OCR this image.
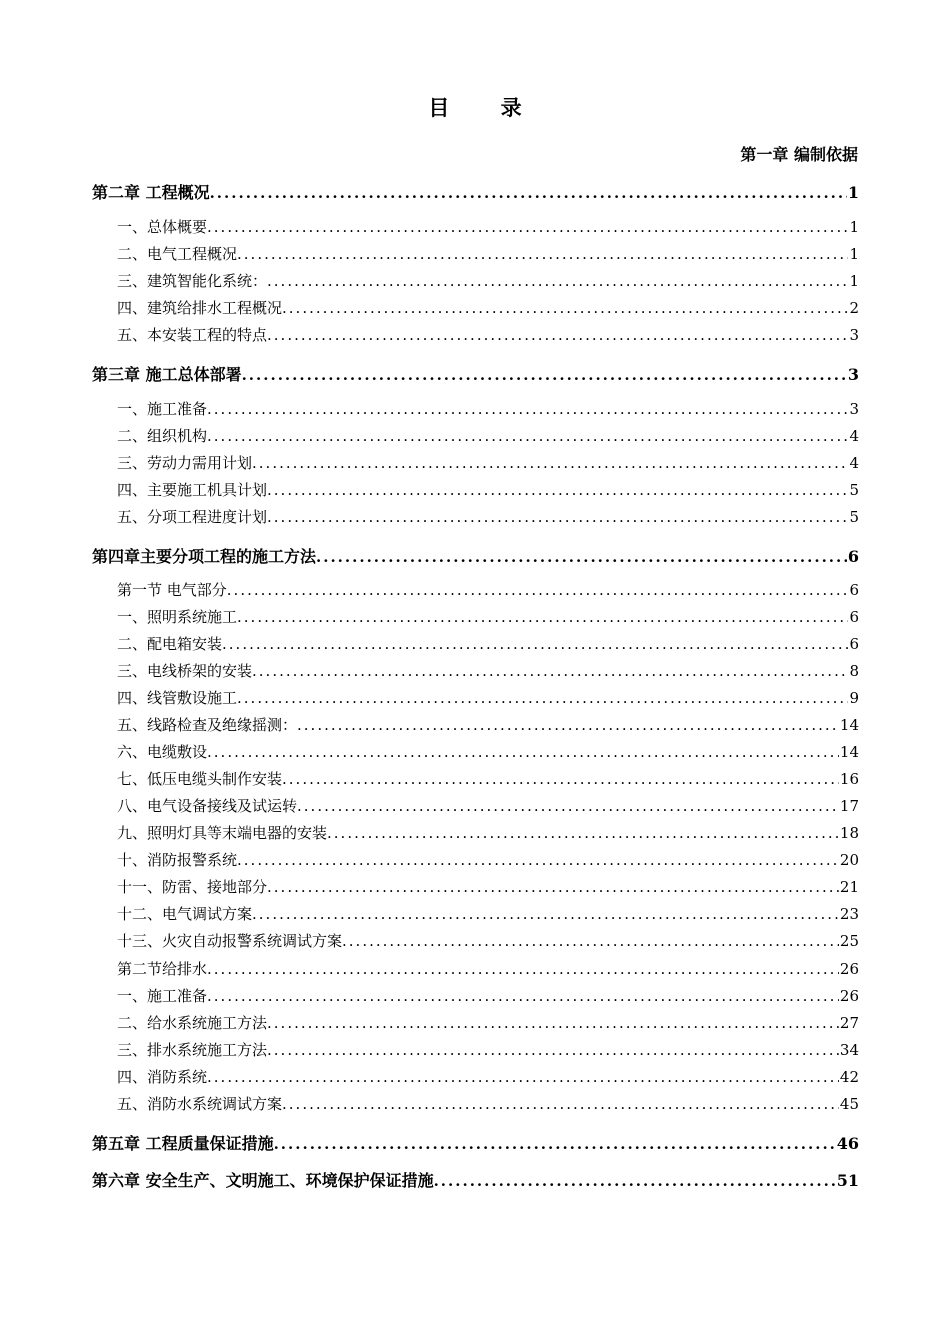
目 录
第一章 编制依据
第二章 工程概况 .....	1
一、总体概要 .....	1
二、电气工程概况 .....	1
三、建筑智能化系统： .....	1
四、建筑给排水工程概况 .....	2
五、本安装工程的特点 .....	3
第三章 施工总体部署 .....	3
一、施工准备 .....	3
二、组织机构 .....	4
三、劳动力需用计划 .....	4
四、主要施工机具计划 .....	5
五、分项工程进度计划 .....	5
第四章主要分项工程的施工方法 .....	6
第一节 电气部分 .....	6
一、照明系统施工 .....	6
二、配电箱安装 .....	6
三、电线桥架的安装 .....	8
四、线管敷设施工 .....	9
五、线路检查及绝缘摇测： .....	14
六、电缆敷设 .....	14
七、低压电缆头制作安装 .....	16
八、电气设备接线及试运转 .....	17
九、照明灯具等末端电器的安装 .....	18
十、消防报警系统 .....	20
十一、防雷、接地部分 .....	21
十二、电气调试方案 .....	23
十三、火灾自动报警系统调试方案 .....	25
第二节给排水 .....	26
一、施工准备 .....	26
二、给水系统施工方法 .....	27
三、排水系统施工方法 .....	34
四、消防系统 .....	42
五、消防水系统调试方案 .....	45
第五章 工程质量保证措施 .....	46
第六章 安全生产、文明施工、环境保护保证措施 .....	51
